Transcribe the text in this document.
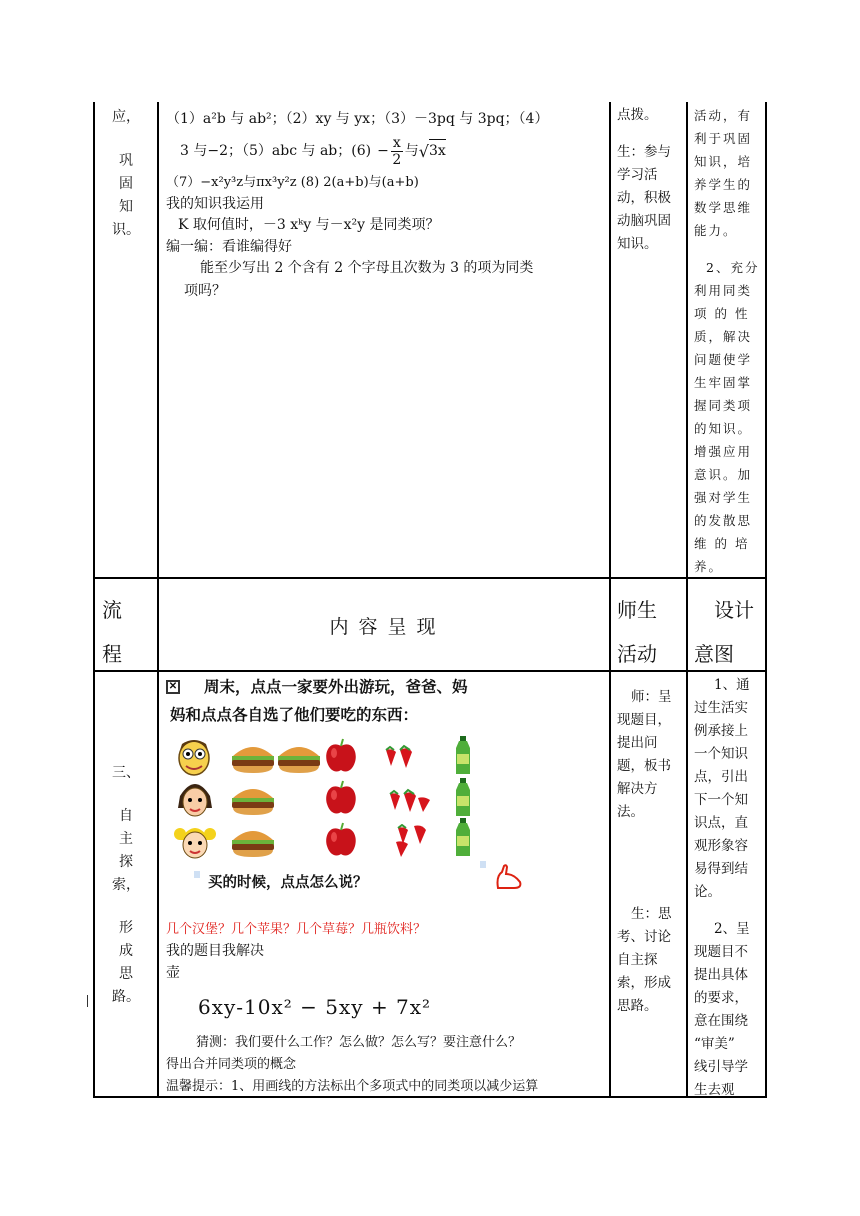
应，
巩
固
知
识。
（1）a²b 与 ab²；（2）xy 与 yx；（3）－3pq 与 3pq；（4）
3 与−2；（5）abc 与 ab；$(6) - \frac{x}{2}$ 与 √ 3x
（7）−x²y³z与πx³y²z (8) 2(a+b)与(a+b)
我的知识我运用
K 取何值时，－3 xᵏy 与－x²y 是同类项？
编一编：看谁编得好
能至少写出 2 个含有 2 个字母且次数为 3 的项为同类
项吗？
点拨。
生：参与
学习活
动，积极
动脑巩固
知识。
活动，有
利于巩固
知识，培
养学生的
数学思维
能力。
2、充分
利用同类
项 的 性
质，解决
问题使学
生牢固掌
握同类项
的知识。
增强应用
意识。加
强对学生
的发散思
维 的 培
养。
流
程
内 容 呈 现
师生
活动
设计
意图
三、
自
主
探
索，
形
成
思
路。
✕ 周末，点点一家要外出游玩，爸爸、妈
妈和点点各自选了他们要吃的东西：
买的时候，点点怎么说？
几个汉堡？几个苹果？几个草莓？几瓶饮料？
我的题目我解决
壶
6xy-10x² − 5xy + 7x²
猜测：我们要什么工作？怎么做？怎么写？要注意什么？
得出合并同类项的概念
温馨提示：1、用画线的方法标出个多项式中的同类项以减少运算
师：呈
现题目，
提出问
题，板书
解决方
法。
生：思
考、讨论
自主探
索，形成
思路。
1、通
过生活实
例承接上
一个知识
点，引出
下一个知
识点，直
观形象容
易得到结
论。
2、呈
现题目不
提出具体
的要求，
意在围绕
“审美”
线引导学
生去观
